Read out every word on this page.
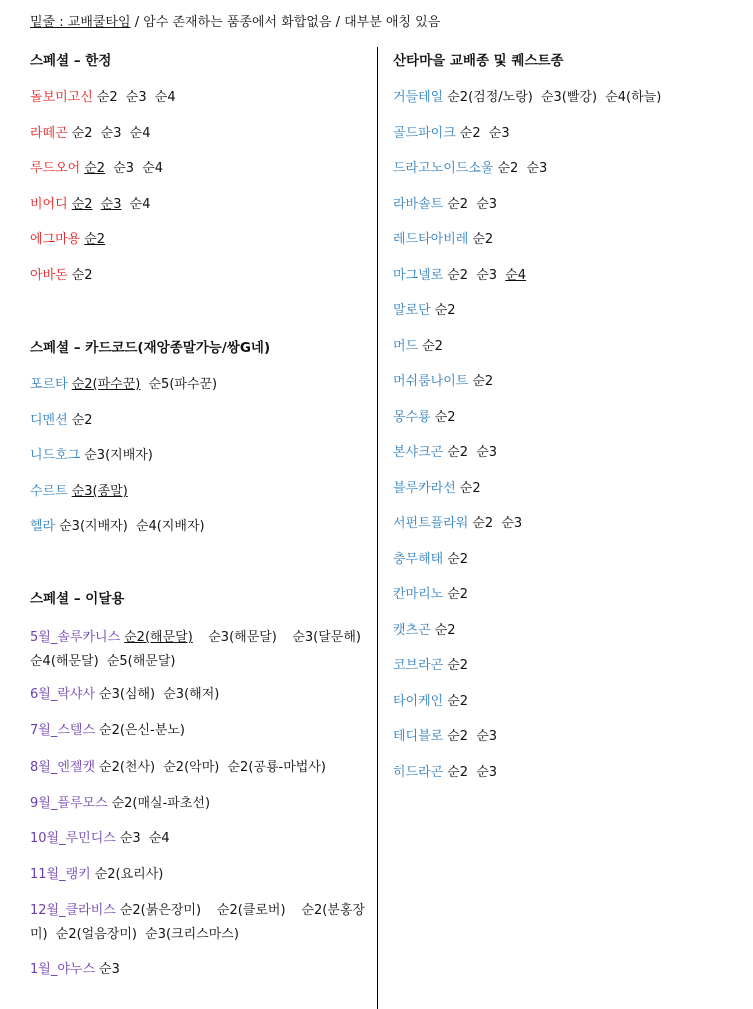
밑줄 : 교배쿨타임 / 암수 존재하는 품종에서 화합없음 / 대부분 애칭 있음
스페셜 – 한정
돌보미고신 순2 순3 순4
라떼곤 순2 순3 순4
루드오어 순2 순3 순4
비어디 순2 순3 순4
에그마용 순2
아바돈 순2
스페셜 – 카드코드(재앙종말가능/쌍G네)
포르타 순2(파수꾼) 순5(파수꾼)
디멘션 순2
니드호그 순3(지배자)
수르트 순3(종말)
헬라 순3(지배자) 순4(지배자)
스페셜 – 이달용
5월_솔루카니스 순2(해문달) 순3(해문달) 순3(달문해) 순4(해문달) 순5(해문달)
6월_락샤사 순3(심해) 순3(해저)
7월_스텔스 순2(은신-분노)
8월_엔젤캣 순2(천사) 순2(악마) 순2(공룡-마법사)
9월_플루모스 순2(매실-파초선)
10월_루민디스 순3 순4
11월_랭키 순2(요리사)
12월_클라비스 순2(붉은장미) 순2(클로버) 순2(분홍장미) 순2(얼음장미) 순3(크리스마스)
1월_야누스 순3
산타마을 교배종 및 퀘스트종
거들테일 순2(검정/노랑) 순3(빨강) 순4(하늘)
골드파이크 순2 순3
드라고노이드소울 순2 순3
라바솔트 순2 순3
레드타아비레 순2
마그넬로 순2 순3 순4
말로단 순2
머드 순2
머쉬룸나이트 순2
몽수룡 순2
본샤크곤 순2 순3
블루카라선 순2
서펀트플라워 순2 순3
충무해태 순2
칸마리노 순2
캣츠곤 순2
코브라곤 순2
타이케인 순2
테디블로 순2 순3
히드라곤 순2 순3
